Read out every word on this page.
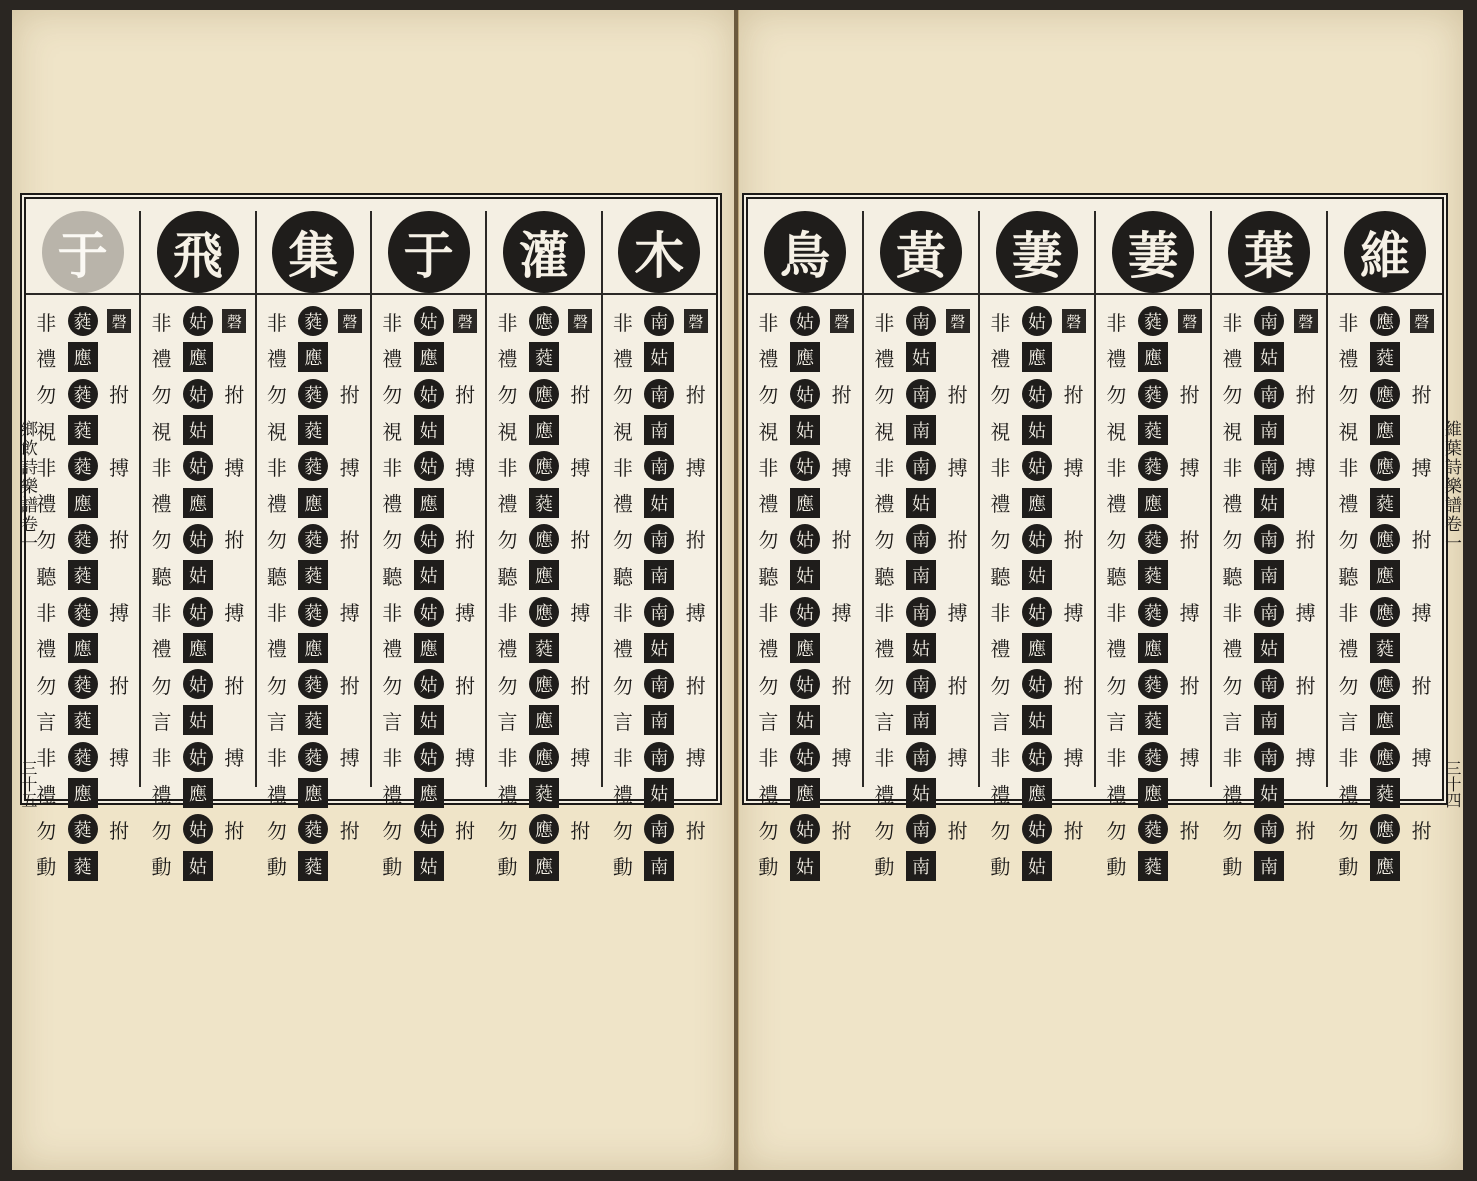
于
非
禮
勿
視
非
禮
勿
聽
非
禮
勿
言
非
禮
勿
動
蕤
應
蕤
蕤
蕤
應
蕤
蕤
蕤
應
蕤
蕤
蕤
應
蕤
蕤
磬
拊
搏
拊
搏
拊
搏
拊
飛
非
禮
勿
視
非
禮
勿
聽
非
禮
勿
言
非
禮
勿
動
姑
應
姑
姑
姑
應
姑
姑
姑
應
姑
姑
姑
應
姑
姑
磬
拊
搏
拊
搏
拊
搏
拊
集
非
禮
勿
視
非
禮
勿
聽
非
禮
勿
言
非
禮
勿
動
蕤
應
蕤
蕤
蕤
應
蕤
蕤
蕤
應
蕤
蕤
蕤
應
蕤
蕤
磬
拊
搏
拊
搏
拊
搏
拊
于
非
禮
勿
視
非
禮
勿
聽
非
禮
勿
言
非
禮
勿
動
姑
應
姑
姑
姑
應
姑
姑
姑
應
姑
姑
姑
應
姑
姑
磬
拊
搏
拊
搏
拊
搏
拊
灌
非
禮
勿
視
非
禮
勿
聽
非
禮
勿
言
非
禮
勿
動
應
蕤
應
應
應
蕤
應
應
應
蕤
應
應
應
蕤
應
應
磬
拊
搏
拊
搏
拊
搏
拊
木
非
禮
勿
視
非
禮
勿
聽
非
禮
勿
言
非
禮
勿
動
南
姑
南
南
南
姑
南
南
南
姑
南
南
南
姑
南
南
磬
拊
搏
拊
搏
拊
搏
拊
鳥
非
禮
勿
視
非
禮
勿
聽
非
禮
勿
言
非
禮
勿
動
姑
應
姑
姑
姑
應
姑
姑
姑
應
姑
姑
姑
應
姑
姑
磬
拊
搏
拊
搏
拊
搏
拊
黃
非
禮
勿
視
非
禮
勿
聽
非
禮
勿
言
非
禮
勿
動
南
姑
南
南
南
姑
南
南
南
姑
南
南
南
姑
南
南
磬
拊
搏
拊
搏
拊
搏
拊
萋
非
禮
勿
視
非
禮
勿
聽
非
禮
勿
言
非
禮
勿
動
姑
應
姑
姑
姑
應
姑
姑
姑
應
姑
姑
姑
應
姑
姑
磬
拊
搏
拊
搏
拊
搏
拊
萋
非
禮
勿
視
非
禮
勿
聽
非
禮
勿
言
非
禮
勿
動
蕤
應
蕤
蕤
蕤
應
蕤
蕤
蕤
應
蕤
蕤
蕤
應
蕤
蕤
磬
拊
搏
拊
搏
拊
搏
拊
葉
非
禮
勿
視
非
禮
勿
聽
非
禮
勿
言
非
禮
勿
動
南
姑
南
南
南
姑
南
南
南
姑
南
南
南
姑
南
南
磬
拊
搏
拊
搏
拊
搏
拊
維
非
禮
勿
視
非
禮
勿
聽
非
禮
勿
言
非
禮
勿
動
應
蕤
應
應
應
蕤
應
應
應
蕤
應
應
應
蕤
應
應
磬
拊
搏
拊
搏
拊
搏
拊
鄉飲詩樂譜卷一
三十五
維葉詩樂譜卷一
三十四
